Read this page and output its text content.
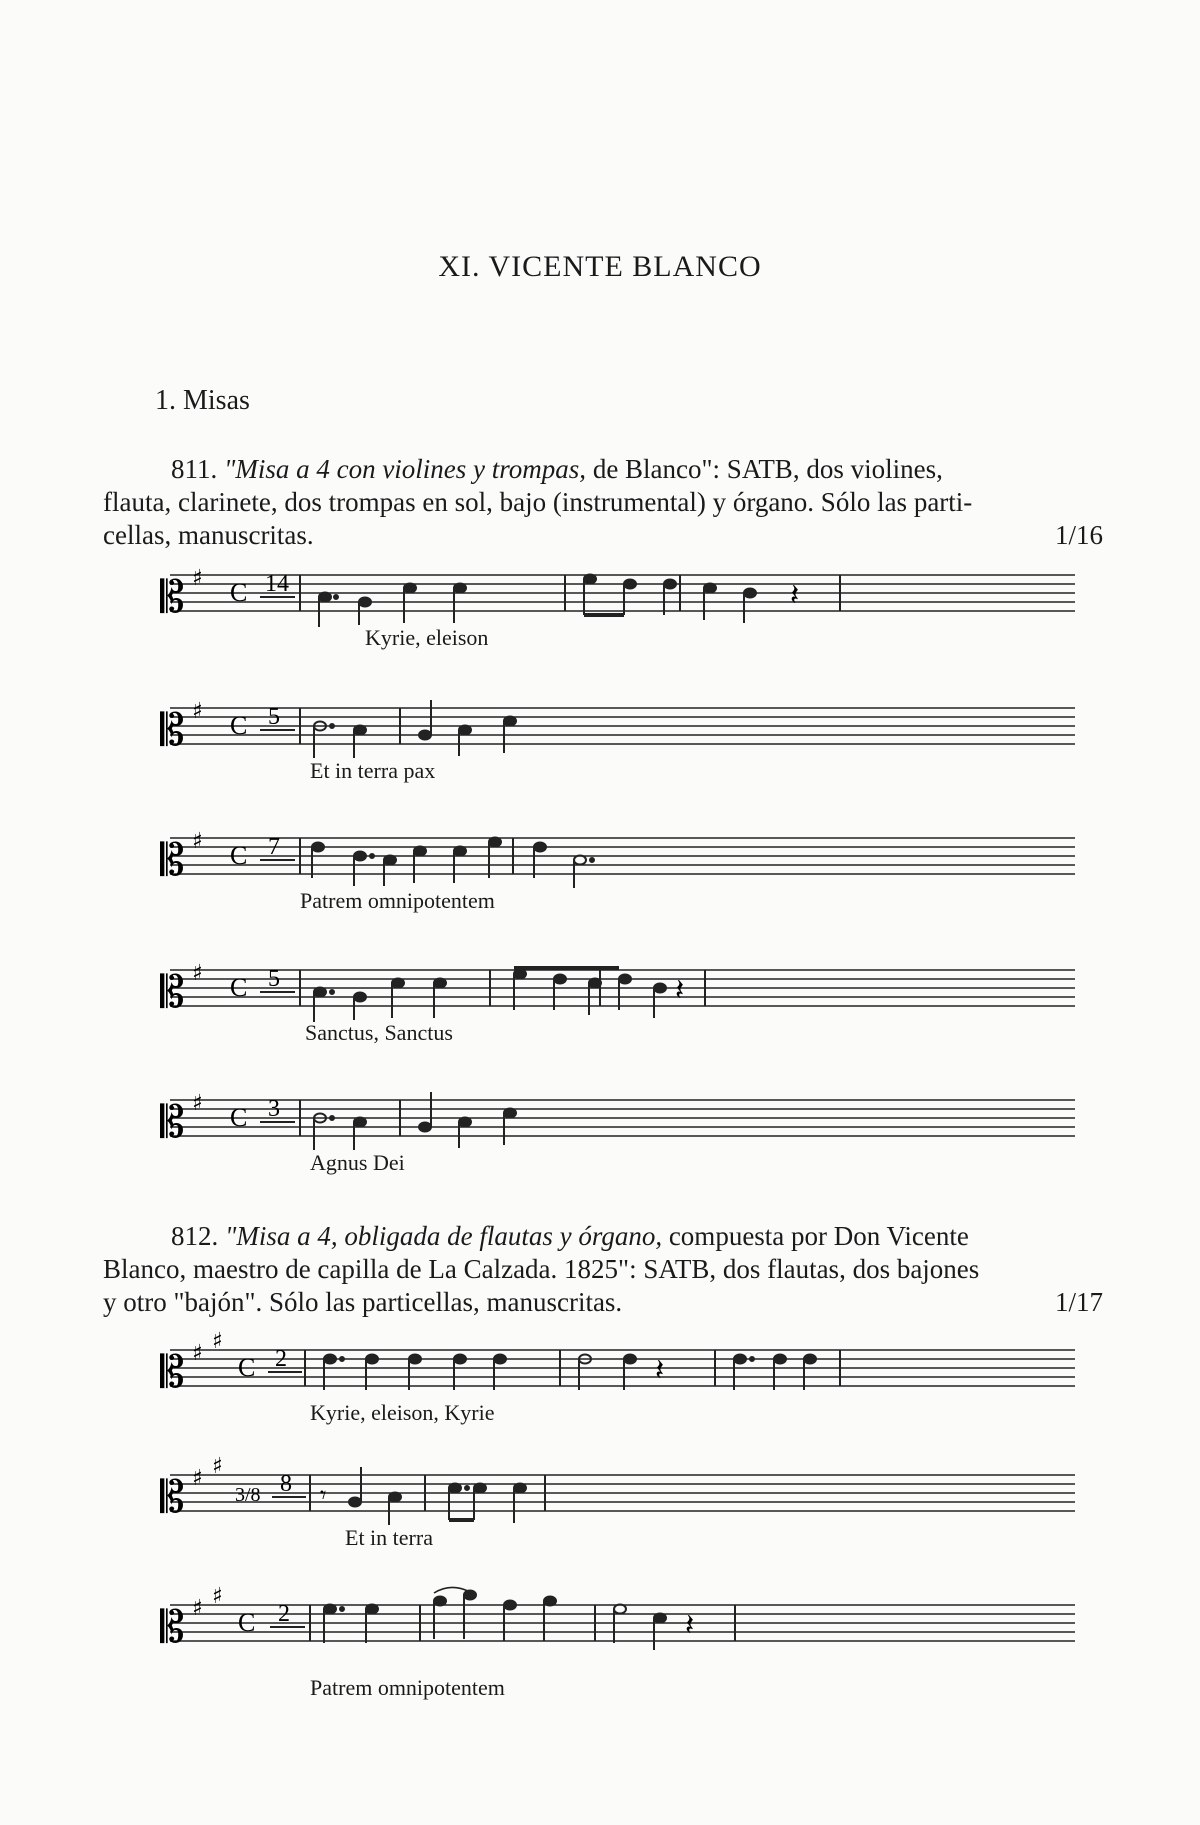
XI. VICENTE BLANCO
1. Misas
811. "Misa a 4 con violines y trompas, de Blanco": SATB, dos violines,
flauta, clarinete, dos trompas en sol, bajo (instrumental) y órgano. Sólo las parti-
cellas, manuscritas.	1/16
𝄡 ♯ C 14	𝄽
Kyrie, eleison
𝄡 ♯ C 5
Et in terra pax
𝄡 ♯ C 7
Patrem omnipotentem
𝄡 ♯ C 5	𝄽
Sanctus, Sanctus
𝄡 ♯ C 3
Agnus Dei
812. "Misa a 4, obligada de flautas y órgano, compuesta por Don Vicente
Blanco, maestro de capilla de La Calzada. 1825": SATB, dos flautas, dos bajones
y otro "bajón". Sólo las particellas, manuscritas.	1/17
𝄡 ♯ ♯
C 2	𝄽
Kyrie, eleison, Kyrie
𝄡 ♯ ♯
3/8 8 𝄾
Et in terra
𝄡 ♯ ♯
C 2	𝄽
Patrem omnipotentem
